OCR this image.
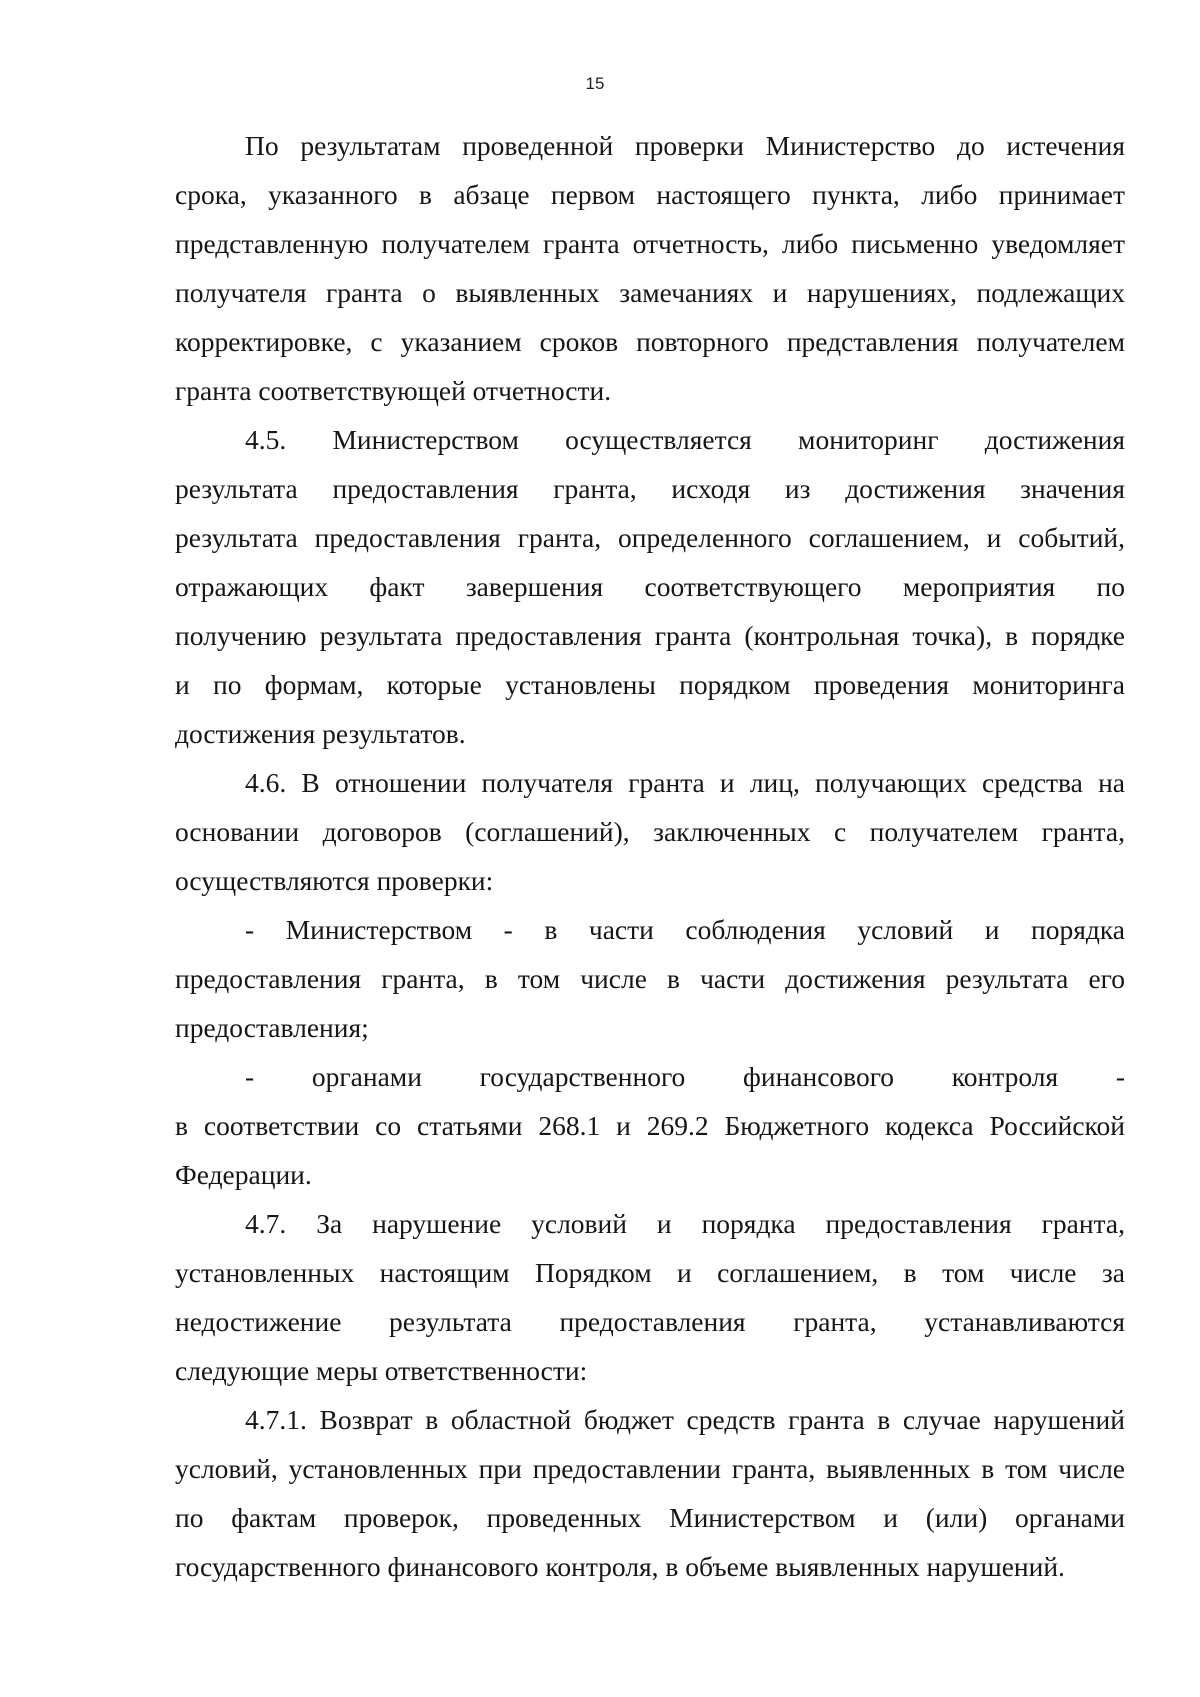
15
По результатам проведенной проверки Министерство до истечения
срока, указанного в абзаце первом настоящего пункта, либо принимает
представленную получателем гранта отчетность, либо письменно уведомляет
получателя гранта о выявленных замечаниях и нарушениях, подлежащих
корректировке, с указанием сроков повторного представления получателем
гранта соответствующей отчетности.
4.5. Министерством осуществляется мониторинг достижения
результата предоставления гранта, исходя из достижения значения
результата предоставления гранта, определенного соглашением, и событий,
отражающих факт завершения соответствующего мероприятия по
получению результата предоставления гранта (контрольная точка), в порядке
и по формам, которые установлены порядком проведения мониторинга
достижения результатов.
4.6. В отношении получателя гранта и лиц, получающих средства на
основании договоров (соглашений), заключенных с получателем гранта,
осуществляются проверки:
- Министерством - в части соблюдения условий и порядка
предоставления гранта, в том числе в части достижения результата его
предоставления;
- органами государственного финансового контроля -
в соответствии со статьями 268.1 и 269.2 Бюджетного кодекса Российской
Федерации.
4.7. За нарушение условий и порядка предоставления гранта,
установленных настоящим Порядком и соглашением, в том числе за
недостижение результата предоставления гранта, устанавливаются
следующие меры ответственности:
4.7.1. Возврат в областной бюджет средств гранта в случае нарушений
условий, установленных при предоставлении гранта, выявленных в том числе
по фактам проверок, проведенных Министерством и (или) органами
государственного финансового контроля, в объеме выявленных нарушений.
